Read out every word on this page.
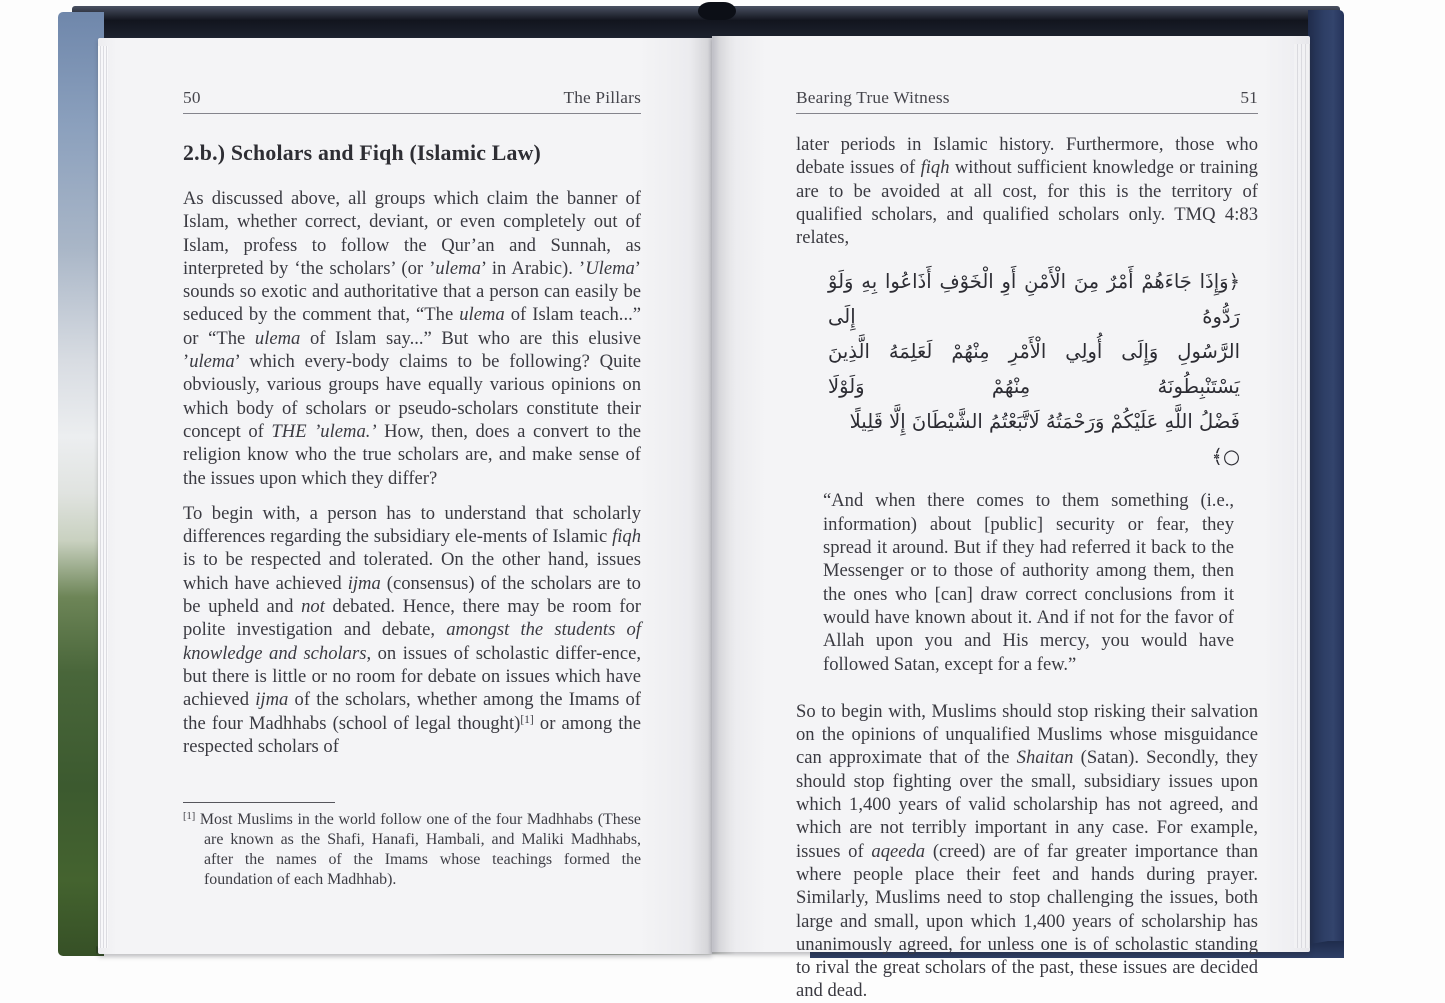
50	The Pillars
2.b.) Scholars and Fiqh (Islamic Law)

As discussed above, all groups which claim the banner of Islam, whether correct, deviant, or even completely out of Islam, profess to follow the Qur’an and Sunnah, as interpreted by ‘the scholars’ (or ’ulema’ in Arabic). ’Ulema’ sounds so exotic and authoritative that a person can easily be seduced by the comment that, “The ulema of Islam teach...” or “The ulema of Islam say...” But who are this elusive ’ulema’ which every-body claims to be following? Quite obviously, various groups have equally various opinions on which body of scholars or pseudo-scholars constitute their concept of THE ’ulema.’ How, then, does a convert to the religion know who the true scholars are, and make sense of the issues upon which they differ?

To begin with, a person has to understand that scholarly differences regarding the subsidiary ele-ments of Islamic fiqh is to be respected and tolerated. On the other hand, issues which have achieved ijma (consensus) of the scholars are to be upheld and not debated. Hence, there may be room for polite investigation and debate, amongst the students of knowledge and scholars, on issues of scholastic differ-ence, but there is little or no room for debate on issues which have achieved ijma of the scholars, whether among the Imams of the four Madhhabs (school of legal thought)[1] or among the respected scholars of

[1] Most Muslims in the world follow one of the four Madhhabs (These are known as the Shafi, Hanafi, Hambali, and Maliki Madhhabs, after the names of the Imams whose teachings formed the foundation of each Madhhab).

Bearing True Witness	51

later periods in Islamic history. Furthermore, those who debate issues of fiqh without sufficient knowledge or training are to be avoided at all cost, for this is the territory of qualified scholars, and qualified scholars only. TMQ 4:83 relates,

﴿وَإِذَا جَاءَهُمْ أَمْرٌ مِنَ الْأَمْنِ أَوِ الْخَوْفِ أَذَاعُوا بِهِ وَلَوْ رَدُّوهُ إِلَى
الرَّسُولِ وَإِلَى أُولِي الْأَمْرِ مِنْهُمْ لَعَلِمَهُ الَّذِينَ يَسْتَنْبِطُونَهُ مِنْهُمْ وَلَوْلَا
فَضْلُ اللَّهِ عَلَيْكُمْ وَرَحْمَتُهُ لَاتَّبَعْتُمُ الشَّيْطَانَ إِلَّا قَلِيلًا ○﴾

“And when there comes to them something (i.e., information) about [public] security or fear, they spread it around. But if they had referred it back to the Messenger or to those of authority among them, then the ones who [can] draw correct conclusions from it would have known about it. And if not for the favor of Allah upon you and His mercy, you would have followed Satan, except for a few.”

So to begin with, Muslims should stop risking their salvation on the opinions of unqualified Muslims whose misguidance can approximate that of the Shaitan (Satan). Secondly, they should stop fighting over the small, subsidiary issues upon which 1,400 years of valid scholarship has not agreed, and which are not terribly important in any case. For example, issues of aqeeda (creed) are of far greater importance than where people place their feet and hands during prayer. Similarly, Muslims need to stop challenging the issues, both large and small, upon which 1,400 years of scholarship has unanimously agreed, for unless one is of scholastic standing to rival the great scholars of the past, these issues are decided and dead.
